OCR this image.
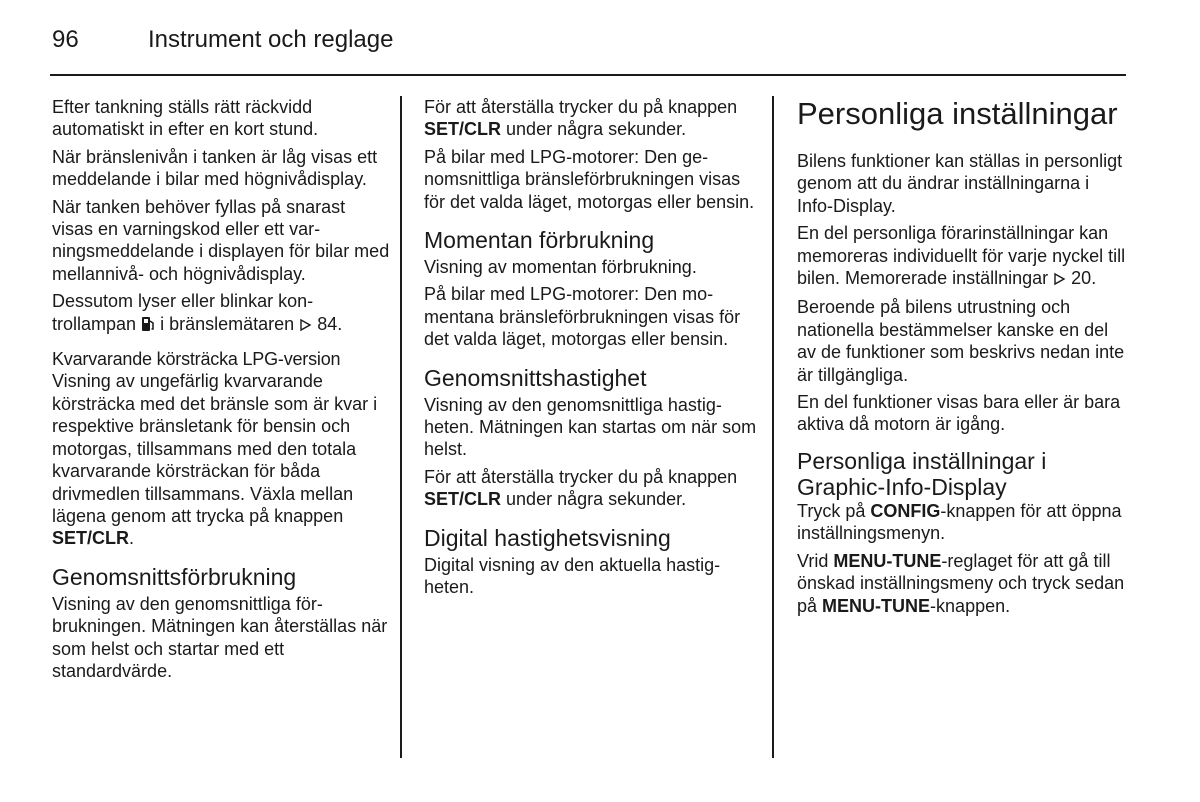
96	Instrument och reglage

Efter tankning ställs rätt räckvidd automatiskt in efter en kort stund.

När bränslenivån i tanken är låg visas ett meddelande i bilar med högnivådisplay.

När tanken behöver fyllas på snarast visas en varningskod eller ett varningsmeddelande i displayen för bilar med mellannivå- och högnivådisplay.

Dessutom lyser eller blinkar kontrollampan i bränslemätaren 84.

Kvarvarande körsträcka LPG-version

Visning av ungefärlig kvarvarande körsträcka med det bränsle som är kvar i respektive bränsletank för bensin och motorgas, tillsammans med den totala kvarvarande körsträckan för båda drivmedlen tillsammans. Växla mellan lägena genom att trycka på knappen SET/CLR.

Genomsnittsförbrukning

Visning av den genomsnittliga förbrukningen. Mätningen kan återställas när som helst och startar med ett standardvärde.

För att återställa trycker du på knappen SET/CLR under några sekunder.

På bilar med LPG-motorer: Den genomsnittliga bränsleförbrukningen visas för det valda läget, motorgas eller bensin.

Momentan förbrukning

Visning av momentan förbrukning.

På bilar med LPG-motorer: Den momentana bränsleförbrukningen visas för det valda läget, motorgas eller bensin.

Genomsnittshastighet

Visning av den genomsnittliga hastigheten. Mätningen kan startas om när som helst.

För att återställa trycker du på knappen SET/CLR under några sekunder.

Digital hastighetsvisning

Digital visning av den aktuella hastigheten.

Personliga inställningar

Bilens funktioner kan ställas in personligt genom att du ändrar inställningarna i Info-Display.

En del personliga förarinställningar kan memoreras individuellt för varje nyckel till bilen. Memorerade inställningar 20.

Beroende på bilens utrustning och nationella bestämmelser kanske en del av de funktioner som beskrivs nedan inte är tillgängliga.

En del funktioner visas bara eller är bara aktiva då motorn är igång.

Personliga inställningar i Graphic-Info-Display

Tryck på CONFIG-knappen för att öppna inställningsmenyn.

Vrid MENU-TUNE-reglaget för att gå till önskad inställningsmeny och tryck sedan på MENU-TUNE-knappen.
